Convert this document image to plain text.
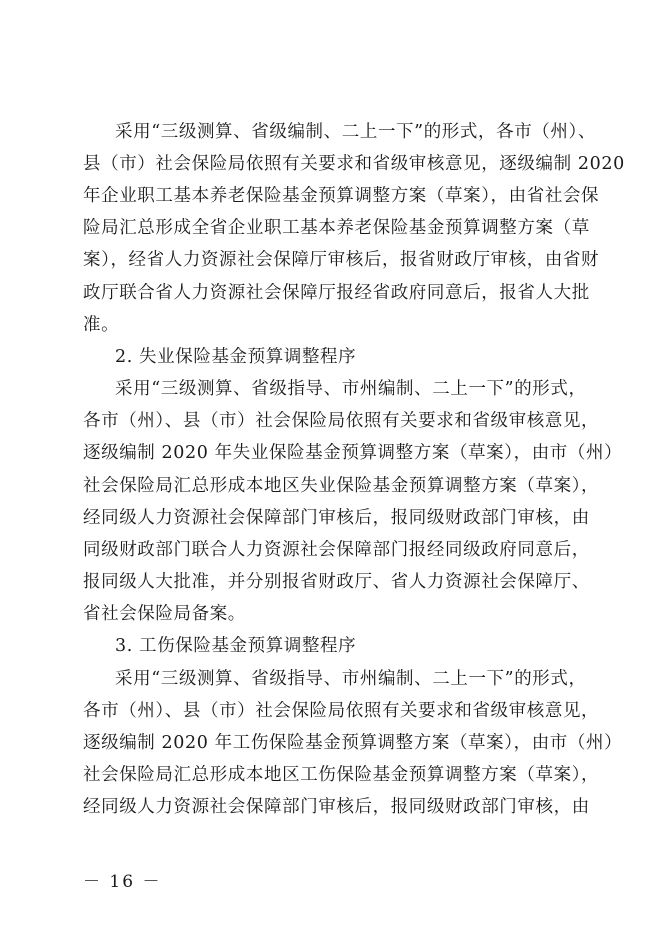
采用“三级测算、省级编制、二上一下”的形式，各市（州）、
县（市）社会保险局依照有关要求和省级审核意见，逐级编制 2020
年企业职工基本养老保险基金预算调整方案（草案），由省社会保
险局汇总形成全省企业职工基本养老保险基金预算调整方案（草
案），经省人力资源社会保障厅审核后，报省财政厅审核，由省财
政厅联合省人力资源社会保障厅报经省政府同意后，报省人大批
准。
2. 失业保险基金预算调整程序
采用“三级测算、省级指导、市州编制、二上一下”的形式，
各市（州）、县（市）社会保险局依照有关要求和省级审核意见，
逐级编制 2020 年失业保险基金预算调整方案（草案），由市（州）
社会保险局汇总形成本地区失业保险基金预算调整方案（草案），
经同级人力资源社会保障部门审核后，报同级财政部门审核，由
同级财政部门联合人力资源社会保障部门报经同级政府同意后，
报同级人大批准，并分别报省财政厅、省人力资源社会保障厅、
省社会保险局备案。
3. 工伤保险基金预算调整程序
采用“三级测算、省级指导、市州编制、二上一下”的形式，
各市（州）、县（市）社会保险局依照有关要求和省级审核意见，
逐级编制 2020 年工伤保险基金预算调整方案（草案），由市（州）
社会保险局汇总形成本地区工伤保险基金预算调整方案（草案），
经同级人力资源社会保障部门审核后，报同级财政部门审核，由
－ 16 －
